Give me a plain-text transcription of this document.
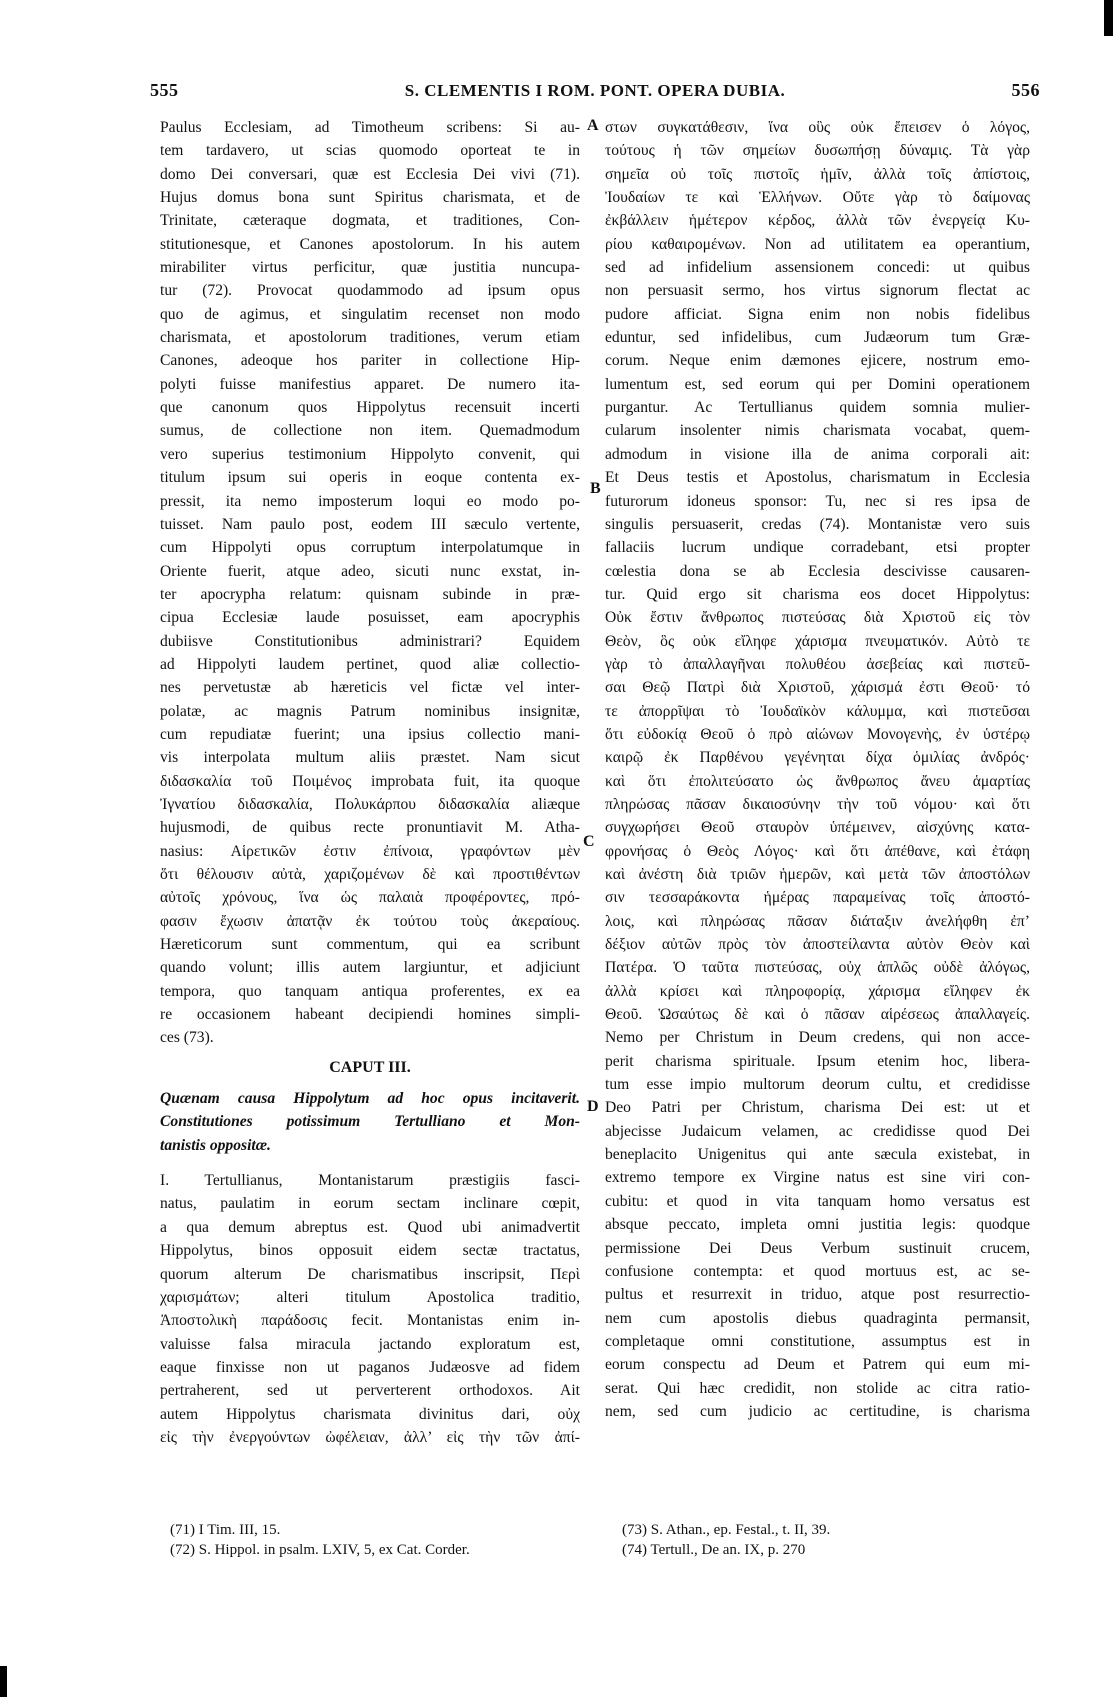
555	S. CLEMENTIS I ROM. PONT. OPERA DUBIA.	556
Paulus Ecclesiam, ad Timotheum scribens: Si au-
tem tardavero, ut scias quomodo oporteat te in
domo Dei conversari, quæ est Ecclesia Dei vivi (71).
Hujus domus bona sunt Spiritus charismata, et de
Trinitate, cæteraque dogmata, et traditiones, Con-
stitutionesque, et Canones apostolorum. In his autem
mirabiliter virtus perficitur, quæ justitia nuncupa-
tur (72). Provocat quodammodo ad ipsum opus
quo de agimus, et singulatim recenset non modo
charismata, et apostolorum traditiones, verum etiam
Canones, adeoque hos pariter in collectione Hip-
polyti fuisse manifestius apparet. De numero ita-
que canonum quos Hippolytus recensuit incerti
sumus, de collectione non item. Quemadmodum
vero superius testimonium Hippolyto convenit, qui
titulum ipsum sui operis in eoque contenta ex-
pressit, ita nemo imposterum loqui eo modo po-
tuisset. Nam paulo post, eodem III sæculo vertente,
cum Hippolyti opus corruptum interpolatumque in
Oriente fuerit, atque adeo, sicuti nunc exstat, in-
ter apocrypha relatum: quisnam subinde in præ-
cipua Ecclesiæ laude posuisset, eam apocryphis
dubiisve Constitutionibus administrari? Equidem
ad Hippolyti laudem pertinet, quod aliæ collectio-
nes pervetustæ ab hæreticis vel fictæ vel inter-
polatæ, ac magnis Patrum nominibus insignitæ,
cum repudiatæ fuerint; una ipsius collectio mani-
vis interpolata multum aliis præstet. Nam sicut
διδασκαλία τοῦ Ποιμένος improbata fuit, ita quoque
Ἰγνατίου διδασκαλία, Πολυκάρπου διδασκαλία aliæque
hujusmodi, de quibus recte pronuntiavit M. Atha-
nasius: Αἱρετικῶν ἐστιν ἐπίνοια, γραφόντων μὲν
ὅτι θέλουσιν αὐτὰ, χαριζομένων δὲ καὶ προστιθέντων
αὐτοῖς χρόνους, ἵνα ὡς παλαιὰ προφέροντες, πρό-
φασιν ἔχωσιν ἀπατᾷν ἐκ τούτου τοὺς ἀκεραίους.
Hæreticorum sunt commentum, qui ea scribunt
quando volunt; illis autem largiuntur, et adjiciunt
tempora, quo tanquam antiqua proferentes, ex ea
re occasionem habeant decipiendi homines simpli-
ces (73).
CAPUT III.
Quænam causa Hippolytum ad hoc opus incitaverit.
Constitutiones potissimum Tertulliano et Mon-
tanistis oppositæ.
I. Tertullianus, Montanistarum præstigiis fasci-
natus, paulatim in eorum sectam inclinare cœpit,
a qua demum abreptus est. Quod ubi animadvertit
Hippolytus, binos opposuit eidem sectæ tractatus,
quorum alterum De charismatibus inscripsit, Περὶ
χαρισμάτων; alteri titulum Apostolica traditio,
Ἀποστολικὴ παράδοσις fecit. Montanistas enim in-
valuisse falsa miracula jactando exploratum est,
eaque finxisse non ut paganos Judæosve ad fidem
pertraherent, sed ut perverterent orthodoxos. Ait
autem Hippolytus charismata divinitus dari, οὐχ
εἰς τὴν ἐνεργούντων ὠφέλειαν, ἀλλ’ εἰς τὴν τῶν ἀπί-
στων συγκατάθεσιν, ἵνα οὓς οὐκ ἔπεισεν ὁ λόγος,
τούτους ἡ τῶν σημείων δυσωπήσῃ δύναμις. Τὰ γὰρ
σημεῖα οὐ τοῖς πιστοῖς ἡμῖν, ἀλλὰ τοῖς ἀπίστοις,
Ἰουδαίων τε καὶ Ἑλλήνων. Οὔτε γὰρ τὸ δαίμονας
ἐκβάλλειν ἡμέτερον κέρδος, ἀλλὰ τῶν ἐνεργείᾳ Κυ-
ρίου καθαιρομένων. Non ad utilitatem ea operantium,
sed ad infidelium assensionem concedi: ut quibus
non persuasit sermo, hos virtus signorum flectat ac
pudore afficiat. Signa enim non nobis fidelibus
eduntur, sed infidelibus, cum Judæorum tum Græ-
corum. Neque enim dæmones ejicere, nostrum emo-
lumentum est, sed eorum qui per Domini operationem
purgantur. Ac Tertullianus quidem somnia mulier-
cularum insolenter nimis charismata vocabat, quem-
admodum in visione illa de anima corporali ait:
Et Deus testis et Apostolus, charismatum in Ecclesia
futurorum idoneus sponsor: Tu, nec si res ipsa de
singulis persuaserit, credas (74). Montanistæ vero suis
fallaciis lucrum undique corradebant, etsi propter
cœlestia dona se ab Ecclesia descivisse causaren-
tur. Quid ergo sit charisma eos docet Hippolytus:
Οὐκ ἔστιν ἄνθρωπος πιστεύσας διὰ Χριστοῦ εἰς τὸν
Θεὸν, ὃς οὐκ εἴληφε χάρισμα πνευματικόν. Αὐτὸ τε
γὰρ τὸ ἀπαλλαγῆναι πολυθέου ἀσεβείας καὶ πιστεῦ-
σαι Θεῷ Πατρὶ διὰ Χριστοῦ, χάρισμά ἐστι Θεοῦ· τό
τε ἀπορρῖψαι τὸ Ἰουδαϊκὸν κάλυμμα, καὶ πιστεῦσαι
ὅτι εὐδοκίᾳ Θεοῦ ὁ πρὸ αἰώνων Μονογενὴς, ἐν ὑστέρῳ
καιρῷ ἐκ Παρθένου γεγένηται δίχα ὁμιλίας ἀνδρός·
καὶ ὅτι ἐπολιτεύσατο ὡς ἄνθρωπος ἄνευ ἁμαρτίας
πληρώσας πᾶσαν δικαιοσύνην τὴν τοῦ νόμου· καὶ ὅτι
συγχωρήσει Θεοῦ σταυρὸν ὑπέμεινεν, αἰσχύνης κατα-
φρονήσας ὁ Θεὸς Λόγος· καὶ ὅτι ἀπέθανε, καὶ ἐτάφη
καὶ ἀνέστη διὰ τριῶν ἡμερῶν, καὶ μετὰ τῶν ἀποστόλων
σιν τεσσαράκοντα ἡμέρας παραμείνας τοῖς ἀποστό-
λοις, καὶ πληρώσας πᾶσαν διάταξιν ἀνελήφθη ἐπ’
δέξιον αὐτῶν πρὸς τὸν ἀποστείλαντα αὐτὸν Θεὸν καὶ
Πατέρα. Ὁ ταῦτα πιστεύσας, οὐχ ἁπλῶς οὐδὲ ἀλόγως,
ἀλλὰ κρίσει καὶ πληροφορίᾳ, χάρισμα εἴληφεν ἐκ
Θεοῦ. Ὡσαύτως δὲ καὶ ὁ πᾶσαν αἱρέσεως ἀπαλλαγείς.
Nemo per Christum in Deum credens, qui non acce-
perit charisma spirituale. Ipsum etenim hoc, libera-
tum esse impio multorum deorum cultu, et credidisse
Deo Patri per Christum, charisma Dei est: ut et
abjecisse Judaicum velamen, ac credidisse quod Dei
beneplacito Unigenitus qui ante sæcula existebat, in
extremo tempore ex Virgine natus est sine viri con-
cubitu: et quod in vita tanquam homo versatus est
absque peccato, impleta omni justitia legis: quodque
permissione Dei Deus Verbum sustinuit crucem,
confusione contempta: et quod mortuus est, ac se-
pultus et resurrexit in triduo, atque post resurrectio-
nem cum apostolis diebus quadraginta permansit,
completaque omni constitutione, assumptus est in
eorum conspectu ad Deum et Patrem qui eum mi-
serat. Qui hæc credidit, non stolide ac citra ratio-
nem, sed cum judicio ac certitudine, is charisma
A
B
C
D
(71) I Tim. III, 15.
(72) S. Hippol. in psalm. LXIV, 5, ex Cat. Corder.
(73) S. Athan., ep. Festal., t. II, 39.
(74) Tertull., De an. IX, p. 270
